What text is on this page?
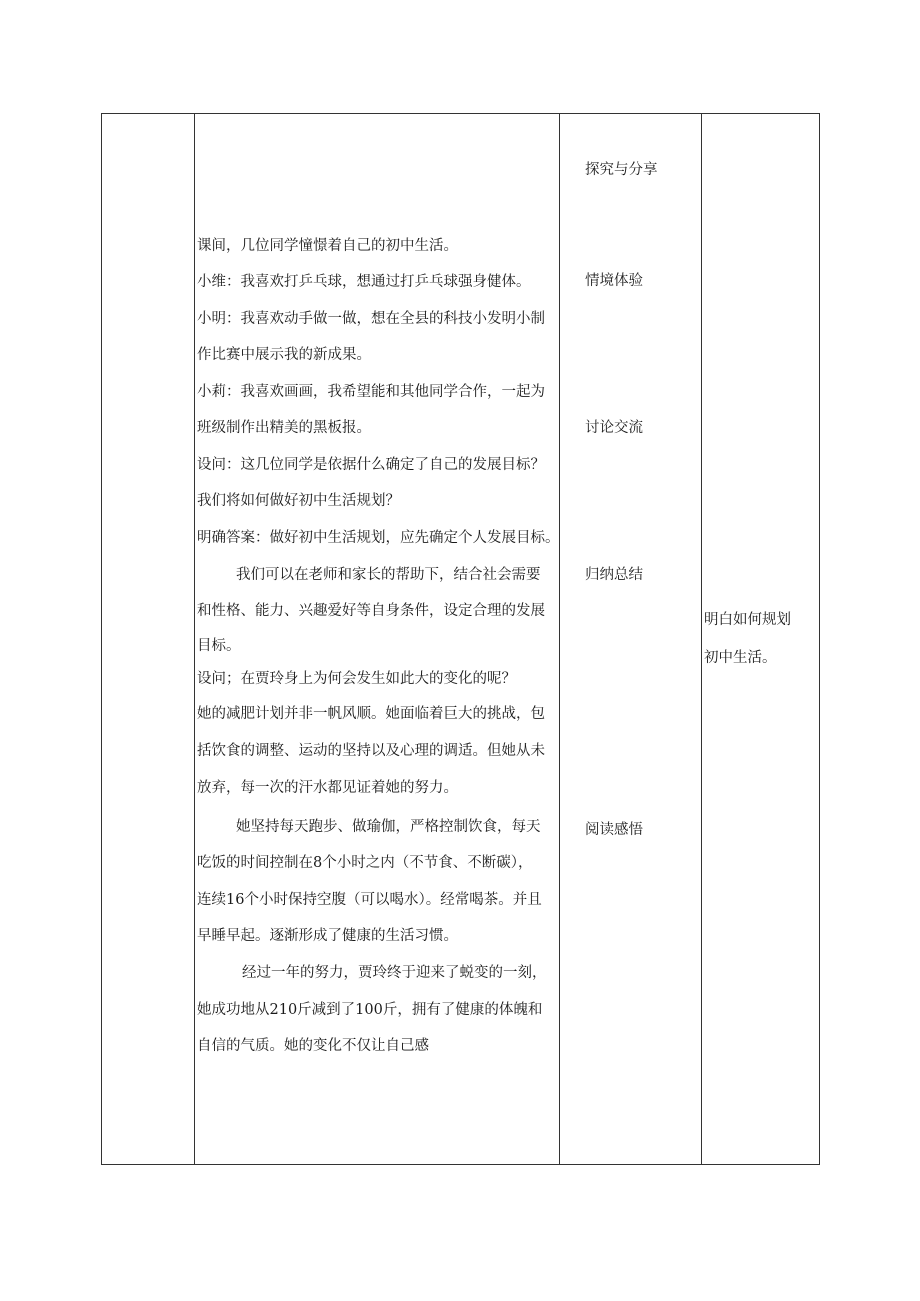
课间，几位同学憧憬着自己的初中生活。
小维：我喜欢打乒乓球，想通过打乒乓球强身健体。
小明：我喜欢动手做一做，想在全县的科技小发明小制
作比赛中展示我的新成果。
小莉：我喜欢画画，我希望能和其他同学合作，一起为
班级制作出精美的黑板报。
设问：这几位同学是依据什么确定了自己的发展目标？
我们将如何做好初中生活规划？
明确答案：做好初中生活规划，应先确定个人发展目标。
我们可以在老师和家长的帮助下，结合社会需要
和性格、能力、兴趣爱好等自身条件，设定合理的发展
目标。
设问；在贾玲身上为何会发生如此大的变化的呢？
她的减肥计划并非一帆风顺。她面临着巨大的挑战，包
括饮食的调整、运动的坚持以及心理的调适。但她从未
放弃，每一次的汗水都见证着她的努力。
她坚持每天跑步、做瑜伽，严格控制饮食，每天
吃饭的时间控制在8个小时之内（不节食、不断碳），
连续16个小时保持空腹（可以喝水）。经常喝茶。并且
早睡早起。逐渐形成了健康的生活习惯。
经过一年的努力，贾玲终于迎来了蜕变的一刻，
她成功地从210斤减到了100斤，拥有了健康的体魄和
自信的气质。她的变化不仅让自己感
探究与分享
情境体验
讨论交流
归纳总结
阅读感悟
明白如何规划
初中生活。
